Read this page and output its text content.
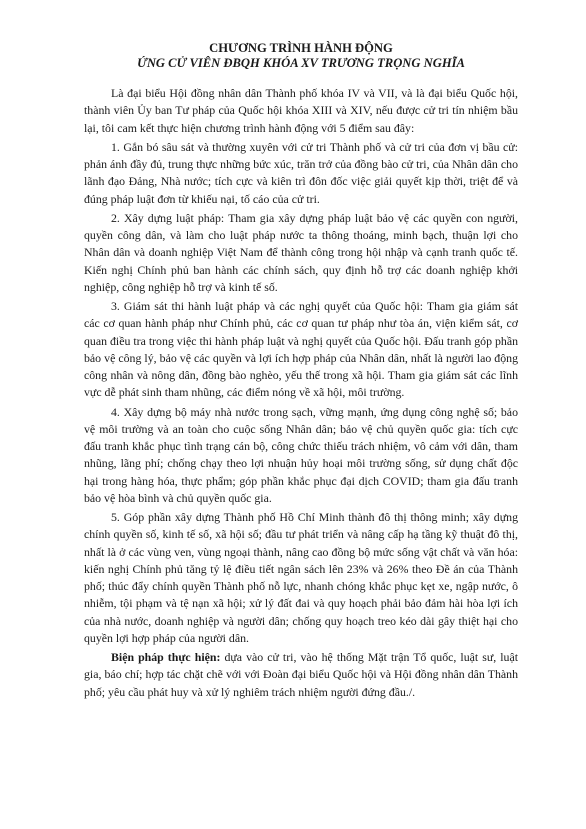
CHƯƠNG TRÌNH HÀNH ĐỘNG

ỨNG CỬ VIÊN ĐBQH KHÓA XV TRƯƠNG TRỌNG NGHĨA

Là đại biểu Hội đồng nhân dân Thành phố khóa IV và VII, và là đại biểu Quốc hội, thành viên Ủy ban Tư pháp của Quốc hội khóa XIII và XIV, nếu được cử tri tín nhiệm bầu lại, tôi cam kết thực hiện chương trình hành động với 5 điểm sau đây:

1. Gắn bó sâu sát và thường xuyên với cử tri Thành phố và cử tri của đơn vị bầu cử: phản ánh đầy đủ, trung thực những bức xúc, trăn trở của đồng bào cử tri, của Nhân dân cho lãnh đạo Đảng, Nhà nước; tích cực và kiên trì đôn đốc việc giải quyết kịp thời, triệt để và đúng pháp luật đơn từ khiếu nại, tố cáo của cử tri.

2. Xây dựng luật pháp: Tham gia xây dựng pháp luật bảo vệ các quyền con người, quyền công dân, và làm cho luật pháp nước ta thông thoáng, minh bạch, thuận lợi cho Nhân dân và doanh nghiệp Việt Nam để thành công trong hội nhập và cạnh tranh quốc tế. Kiến nghị Chính phủ ban hành các chính sách, quy định hỗ trợ các doanh nghiệp khởi nghiệp, công nghiệp hỗ trợ và kinh tế số.

3. Giám sát thi hành luật pháp và các nghị quyết của Quốc hội: Tham gia giám sát các cơ quan hành pháp như Chính phủ, các cơ quan tư pháp như tòa án, viện kiểm sát, cơ quan điều tra trong việc thi hành pháp luật và nghị quyết của Quốc hội. Đấu tranh góp phần bảo vệ công lý, bảo vệ các quyền và lợi ích hợp pháp của Nhân dân, nhất là người lao động công nhân và nông dân, đồng bào nghèo, yếu thế trong xã hội. Tham gia giám sát các lĩnh vực dễ phát sinh tham nhũng, các điểm nóng về xã hội, môi trường.

4. Xây dựng bộ máy nhà nước trong sạch, vững mạnh, ứng dụng công nghệ số; bảo vệ môi trường và an toàn cho cuộc sống Nhân dân; bảo vệ chủ quyền quốc gia: tích cực đấu tranh khắc phục tình trạng cán bộ, công chức thiếu trách nhiệm, vô cảm với dân, tham nhũng, lãng phí; chống chạy theo lợi nhuận hủy hoại môi trường sống, sử dụng chất độc hại trong hàng hóa, thực phẩm; góp phần khắc phục đại dịch COVID; tham gia đấu tranh bảo vệ hòa bình và chủ quyền quốc gia.

5. Góp phần xây dựng Thành phố Hồ Chí Minh thành đô thị thông minh; xây dựng chính quyền số, kinh tế số, xã hội số; đầu tư phát triển và nâng cấp hạ tầng kỹ thuật đô thị, nhất là ở các vùng ven, vùng ngoại thành, nâng cao đồng bộ mức sống vật chất và văn hóa: kiến nghị Chính phủ tăng tỷ lệ điều tiết ngân sách lên 23% và 26% theo Đề án của Thành phố; thúc đẩy chính quyền Thành phố nỗ lực, nhanh chóng khắc phục kẹt xe, ngập nước, ô nhiễm, tội phạm và tệ nạn xã hội; xử lý đất đai và quy hoạch phải bảo đảm hài hòa lợi ích của nhà nước, doanh nghiệp và người dân; chống quy hoạch treo kéo dài gây thiệt hại cho quyền lợi hợp pháp của người dân.

Biện pháp thực hiện: dựa vào cử tri, vào hệ thống Mặt trận Tổ quốc, luật sư, luật gia, báo chí; hợp tác chặt chẽ với với Đoàn đại biểu Quốc hội và Hội đồng nhân dân Thành phố; yêu cầu phát huy và xử lý nghiêm trách nhiệm người đứng đầu./.
